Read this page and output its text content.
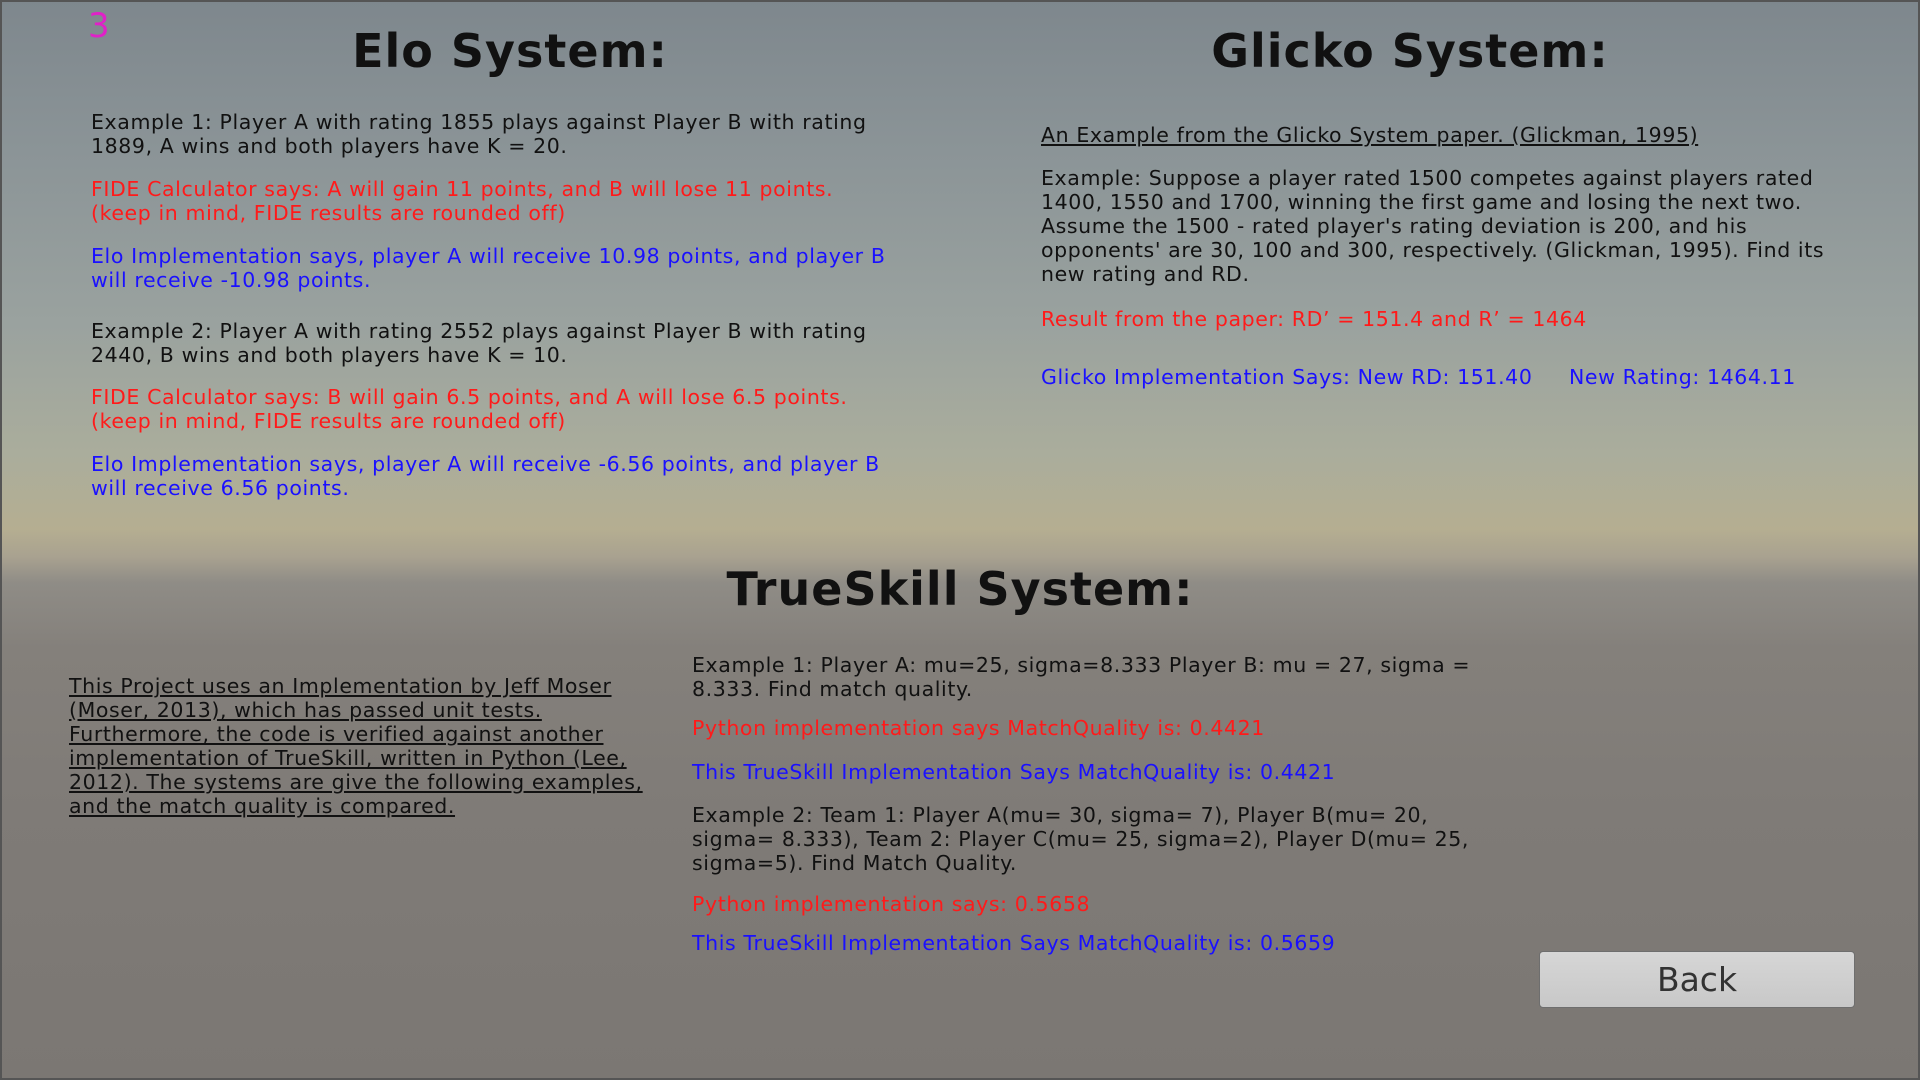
3	Elo System:
Example 1: Player A with rating 1855 plays against Player B with rating 1889, A wins and both players have K = 20.
FIDE Calculator says: A will gain 11 points, and B will lose 11 points. (keep in mind, FIDE results are rounded off)
Elo Implementation says, player A will receive 10.98 points, and player B will receive -10.98 points.
Example 2: Player A with rating 2552 plays against Player B with rating 2440, B wins and both players have K = 10.
FIDE Calculator says: B will gain 6.5 points, and A will lose 6.5 points. (keep in mind, FIDE results are rounded off)
Elo Implementation says, player A will receive -6.56 points, and player B will receive 6.56 points.
Glicko System:
An Example from the Glicko System paper. (Glickman, 1995)
Example: Suppose a player rated 1500 competes against players rated 1400, 1550 and 1700, winning the first game and losing the next two. Assume the 1500 - rated player's rating deviation is 200, and his opponents' are 30, 100 and 300, respectively. (Glickman, 1995). Find its new rating and RD.
Result from the paper: RD’ = 151.4 and R’ = 1464
Glicko Implementation Says: New RD: 151.40 New Rating: 1464.11
TrueSkill System:
This Project uses an Implementation by Jeff Moser (Moser, 2013), which has passed unit tests. Furthermore, the code is verified against another implementation of TrueSkill, written in Python (Lee, 2012). The systems are give the following examples, and the match quality is compared.
Example 1: Player A: mu=25, sigma=8.333 Player B: mu = 27, sigma = 8.333. Find match quality.
Python implementation says MatchQuality is: 0.4421
This TrueSkill Implementation Says MatchQuality is: 0.4421
Example 2: Team 1: Player A(mu= 30, sigma= 7), Player B(mu= 20, sigma= 8.333), Team 2: Player C(mu= 25, sigma=2), Player D(mu= 25, sigma=5). Find Match Quality.
Python implementation says: 0.5658
This TrueSkill Implementation Says MatchQuality is: 0.5659
Back
